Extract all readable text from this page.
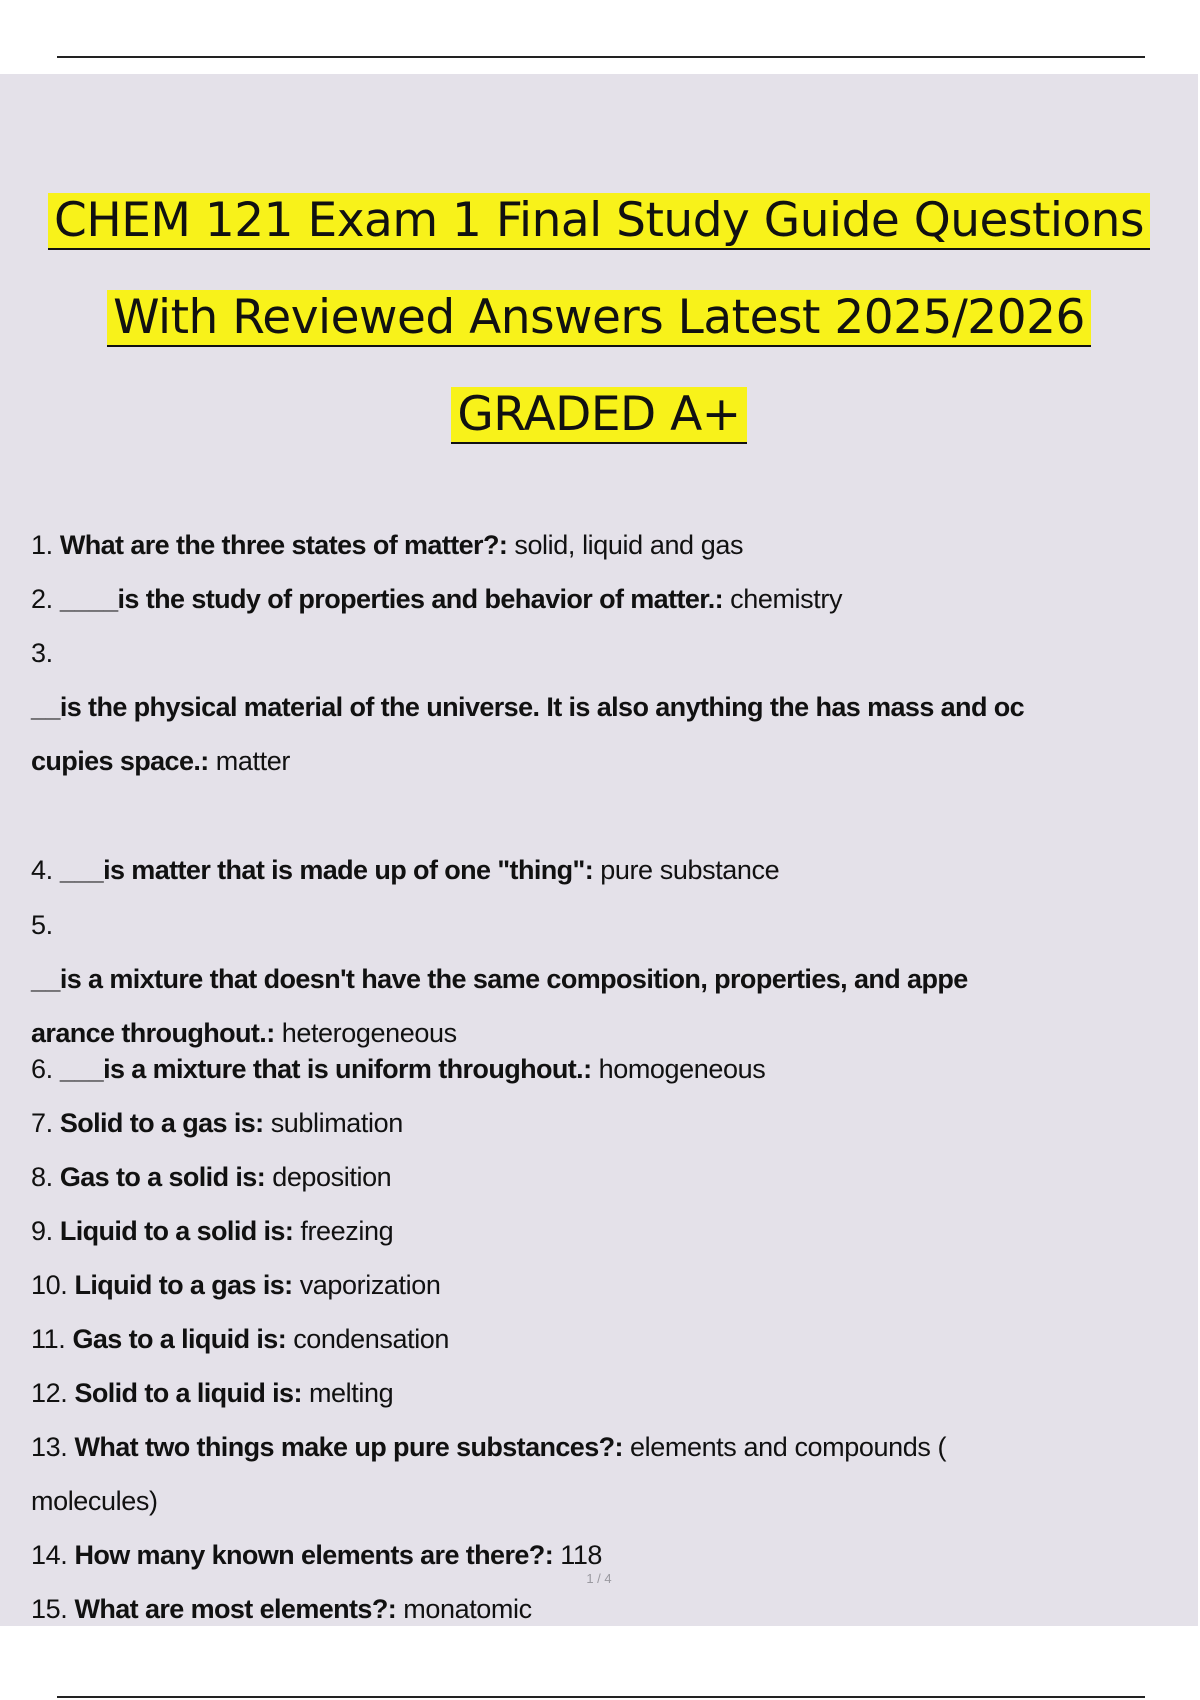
CHEM 121 Exam 1 Final Study Guide Questions
With Reviewed Answers Latest 2025/2026
GRADED A+
1. What are the three states of matter?: solid, liquid and gas
2. ____is the study of properties and behavior of matter.: chemistry
3.
__is the physical material of the universe. It is also anything the has mass and oc
cupies space.: matter
4. ___is matter that is made up of one "thing": pure substance
5.
__is a mixture that doesn't have the same composition, properties, and appe
arance throughout.: heterogeneous
6. ___is a mixture that is uniform throughout.: homogeneous
7. Solid to a gas is: sublimation
8. Gas to a solid is: deposition
9. Liquid to a solid is: freezing
10. Liquid to a gas is: vaporization
11. Gas to a liquid is: condensation
12. Solid to a liquid is: melting
13. What two things make up pure substances?: elements and compounds (
molecules)
14. How many known elements are there?: 118
15. What are most elements?: monatomic
1 / 4
